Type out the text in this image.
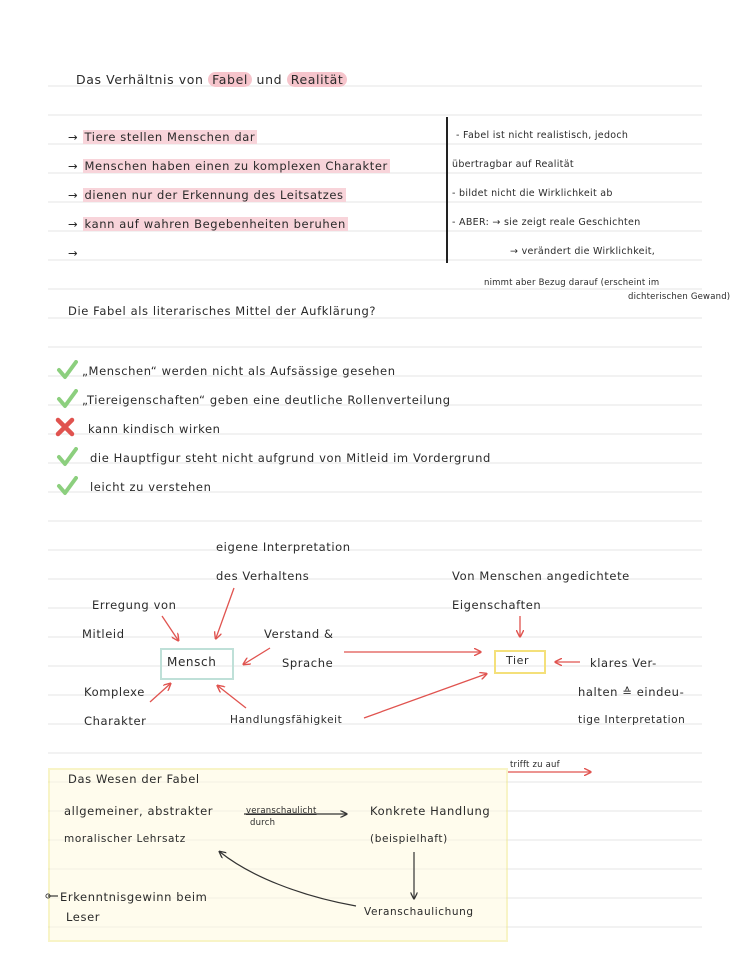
Das Verhältnis von Fabel und Realität
→ Tiere stellen Menschen dar
→ Menschen haben einen zu komplexen Charakter
→ dienen nur der Erkennung des Leitsatzes
→ kann auf wahren Begebenheiten beruhen
→
- Fabel ist nicht realistisch, jedoch
übertragbar auf Realität
- bildet nicht die Wirklichkeit ab
- ABER: → sie zeigt reale Geschichten
→ verändert die Wirklichkeit,
nimmt aber Bezug darauf (erscheint im
dichterischen Gewand)
Die Fabel als literarisches Mittel der Aufklärung?
„Menschen“ werden nicht als Aufsässige gesehen
„Tiereigenschaften“ geben eine deutliche Rollenverteilung
kann kindisch wirken
die Hauptfigur steht nicht aufgrund von Mitleid im Vordergrund
leicht zu verstehen
eigene Interpretation
des Verhaltens
Erregung von
Mitleid	Verstand &
Sprache
Mensch
Komplexe
Charakter	Handlungsfähigkeit
Von Menschen angedichtete
Eigenschaften
Tier	klares Ver-
halten ≙ eindeu-
tige Interpretation
trifft zu auf
Das Wesen der Fabel
allgemeiner, abstrakter
moralischer Lehrsatz
veranschaulicht
durch
Konkrete Handlung
(beispielhaft)
Veranschaulichung
Erkenntnisgewinn beim
Leser
